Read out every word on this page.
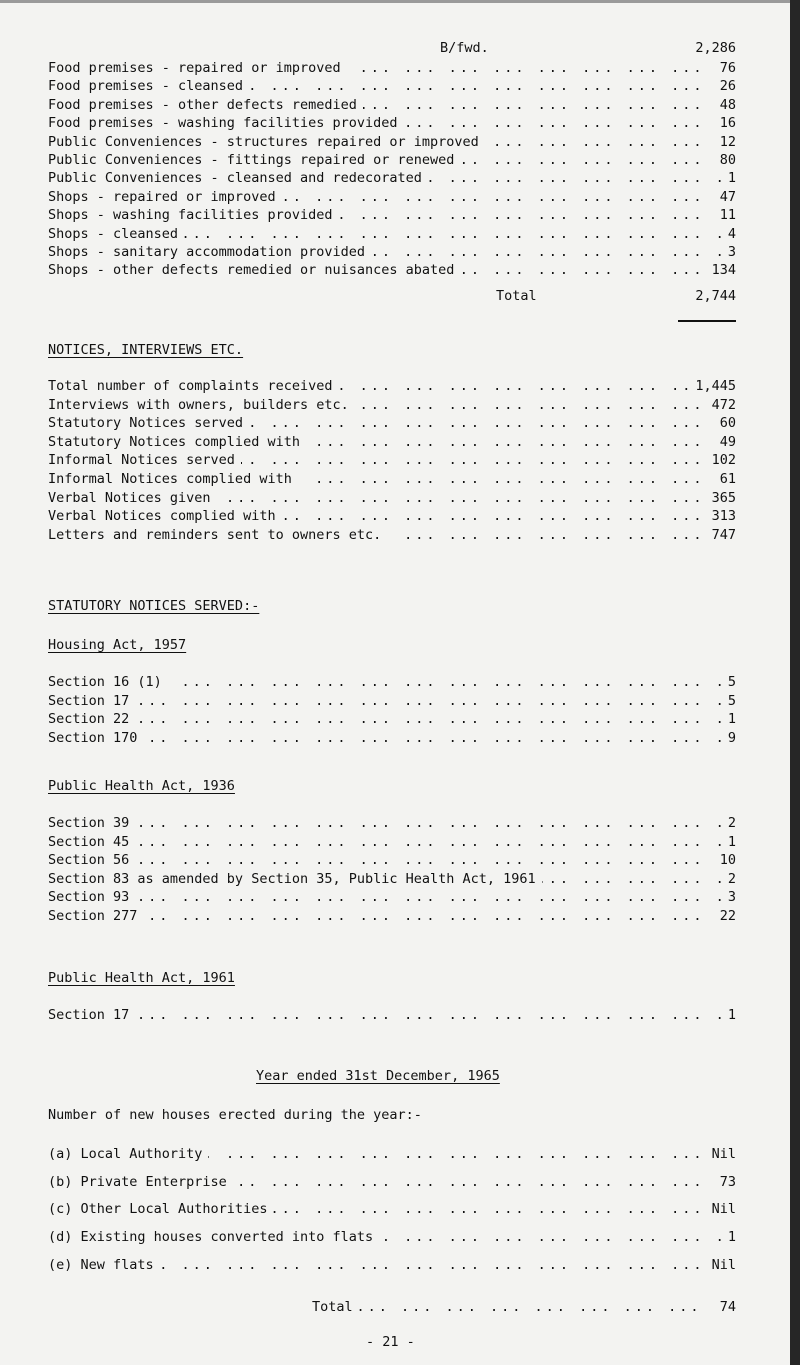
B/fwd.	2,286
... .
Food premises - repaired or improved	76
... .
Food premises - cleansed	26
... .
Food premises - other defects remedied	48
... .
Food premises - washing facilities provided	16
... .
Public Conveniences - structures repaired or improved	12
... .
Public Conveniences - fittings repaired or renewed	80
... .
Public Conveniences - cleansed and redecorated	1
... .
Shops - repaired or improved	47
... .
Shops - washing facilities provided	11
... .
Shops - cleansed	4
... .
Shops - sanitary accommodation provided	3
... .
Shops - other defects remedied or nuisances abated	134
Total	2,744
NOTICES, INTERVIEWS ETC.
... .
Total number of complaints received	1,445
... .
Interviews with owners, builders etc.	472
... .
Statutory Notices served	60
... .
Statutory Notices complied with	49
... .
Informal Notices served	102
... .
Informal Notices complied with	61
... .
Verbal Notices given	365
... .
Verbal Notices complied with	313
... .
Letters and reminders sent to owners etc.	747
STATUTORY NOTICES SERVED:-
Housing Act, 1957
... .
Section 16 (1)	5
... .
Section 17	5
... .
Section 22	1
... .
Section 170	9
Public Health Act, 1936
... .
Section 39	2
... .
Section 45	1
... .
Section 56	10
... .
Section 83 as amended by Section 35, Public Health Act, 1961	2
... .
Section 93	3
... .
Section 277	22
Public Health Act, 1961
... .
Section 17	1
Year ended 31st December, 1965
Number of new houses erected during the year:-
... .
(a) Local Authority	Nil
... .
(b) Private Enterprise	73
... .
(c) Other Local Authorities	Nil
... .
(d) Existing houses converted into flats	1
... .
(e) New flats	Nil
... .
Total	74
- 21 -
